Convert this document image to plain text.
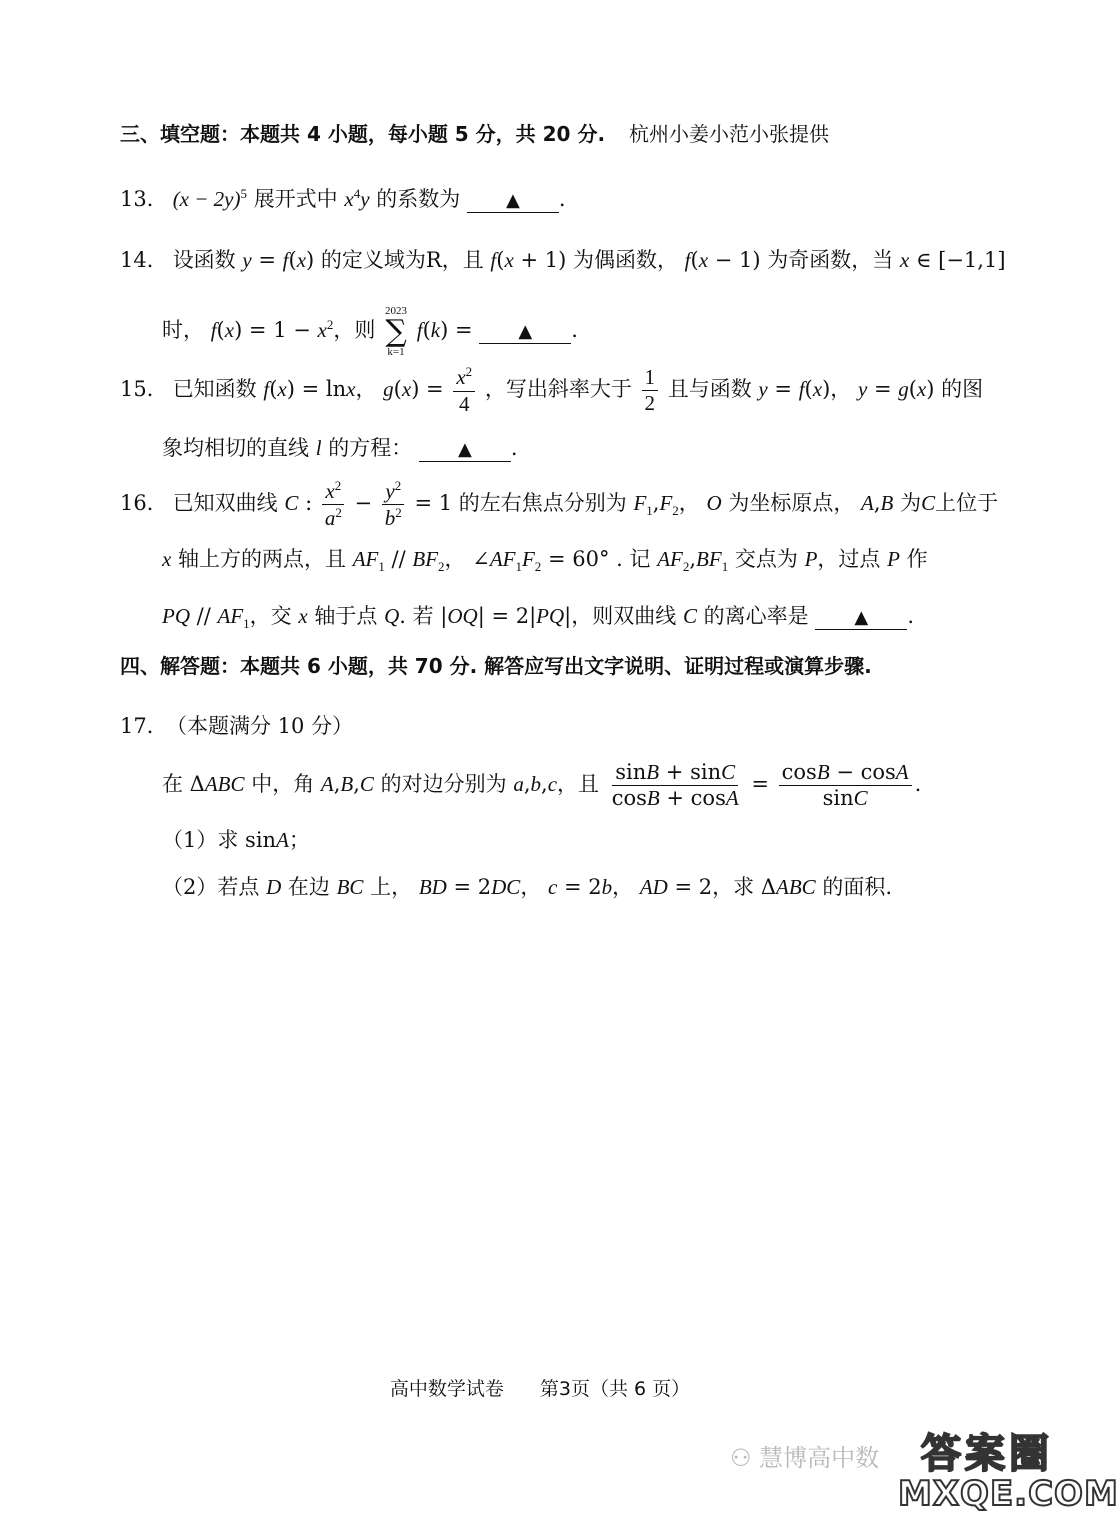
三、填空题：本题共 4 小题，每小题 5 分，共 20 分. 杭州小姜小范小张提供
13． $(x - 2y)^5$ 展开式中 $x^4y$ 的系数为	▲ .
14． 设函数 y = f(x) 的定义域为R，且 f(x + 1) 为偶函数， f(x − 1) 为奇函数，当 x ∈ [−1,1]
时， $f(x) = 1 - x^2$，则
2023
∑
k=1
f(k) = ▲ .
15． 已知函数 f(x) = lnx， $g(x) = \frac{x^2}{4}$ ，写出斜率大于 $\frac{1}{2}$ 且与函数 y = f(x)， y = g(x) 的图
象均相切的直线 l 的方程：	▲ .
16． 已知双曲线 C : $\frac{x^2}{a^2} - \frac{y^2}{b^2} = 1$ 的左右焦点分别为 $F_1,F_2$， O 为坐标原点， A,B 为C上位于
x 轴上方的两点，且 $AF_1 // BF_2$， $\angle AF_1F_2 = 60^\circ$ . 记 $AF_2,BF_1$ 交点为 P，过点 P 作
PQ // $AF_1$，交 x 轴于点 Q. 若 |OQ| = 2|PQ|，则双曲线 C 的离心率是	▲ .
四、解答题：本题共 6 小题，共 70 分. 解答应写出文字说明、证明过程或演算步骤.
17．（本题满分 10 分）
在 ΔABC 中，角 A,B,C 的对边分别为 a,b,c，且 $\frac{\sin B + \sin C}{\cos B + \cos A} = \frac{\cos B - \cos A}{\sin C}$ .
（1）求 sinA；
（2）若点 D 在边 BC 上， BD = 2DC， c = 2b， AD = 2，求 ΔABC 的面积.
高中数学试卷 第3页（共 6 页）
⚇ 慧博高中数	答案圈
MXQE.COM
